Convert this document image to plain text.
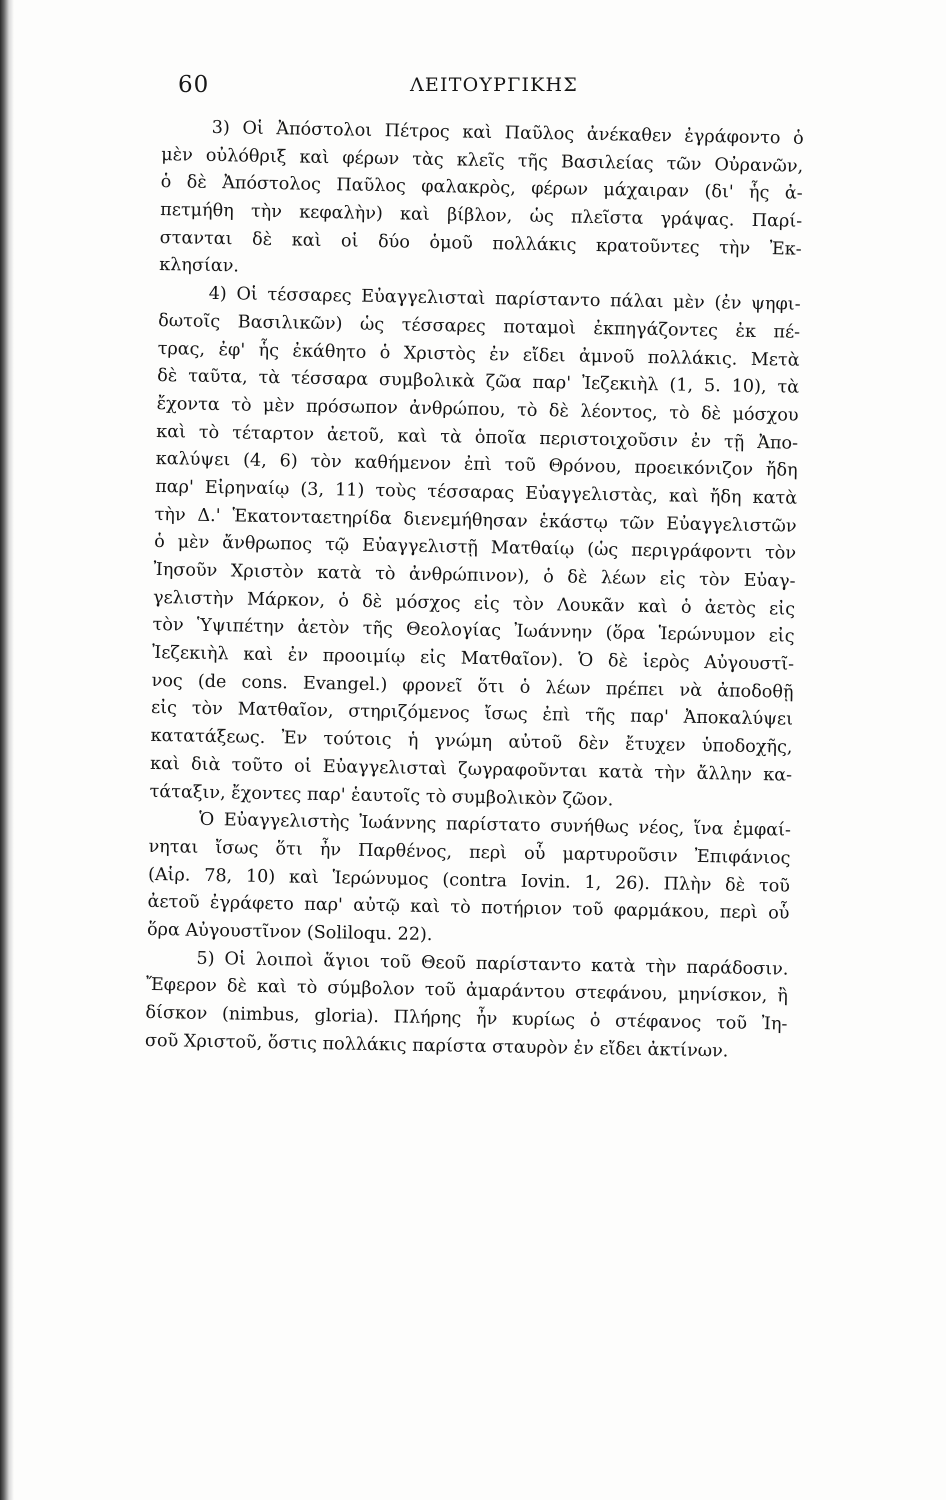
60	ΛΕΙΤΟΥΡΓΙΚΗΣ
3) Οἱ Ἀπόστολοι Πέτρος καὶ Παῦλος ἀνέκαθεν ἐγράφοντο ὁ
μὲν οὐλόθριξ καὶ φέρων τὰς κλεῖς τῆς Βασιλείας τῶν Οὐρανῶν,
ὁ δὲ Ἀπόστολος Παῦλος φαλακρὸς, φέρων μάχαιραν (δι' ἧς ἀ-
πετμήθη τὴν κεφαλὴν) καὶ βίβλον, ὡς πλεῖστα γράψας. Παρί-
στανται δὲ καὶ οἱ δύο ὁμοῦ πολλάκις κρατοῦντες τὴν Ἐκ-
κλησίαν.
4) Οἱ τέσσαρες Εὐαγγελισταὶ παρίσταντο πάλαι μὲν (ἐν ψηφι-
δωτοῖς Βασιλικῶν) ὡς τέσσαρες ποταμοὶ ἐκπηγάζοντες ἐκ πέ-
τρας, ἐφ' ἧς ἐκάθητο ὁ Χριστὸς ἐν εἴδει ἀμνοῦ πολλάκις. Μετὰ
δὲ ταῦτα, τὰ τέσσαρα συμβολικὰ ζῶα παρ' Ἰεζεκιὴλ (1, 5. 10), τὰ
ἔχοντα τὸ μὲν πρόσωπον ἀνθρώπου, τὸ δὲ λέοντος, τὸ δὲ μόσχου
καὶ τὸ τέταρτον ἀετοῦ, καὶ τὰ ὁποῖα περιστοιχοῦσιν ἐν τῇ Ἀπο-
καλύψει (4, 6) τὸν καθήμενον ἐπὶ τοῦ Θρόνου, προεικόνιζον ἤδη
παρ' Εἰρηναίῳ (3, 11) τοὺς τέσσαρας Εὐαγγελιστὰς, καὶ ἤδη κατὰ
τὴν Δ.' Ἑκατονταετηρίδα διενεμήθησαν ἑκάστῳ τῶν Εὐαγγελιστῶν
ὁ μὲν ἄνθρωπος τῷ Εὐαγγελιστῇ Ματθαίῳ (ὡς περιγράφοντι τὸν
Ἰησοῦν Χριστὸν κατὰ τὸ ἀνθρώπινον), ὁ δὲ λέων εἰς τὸν Εὐαγ-
γελιστὴν Μάρκον, ὁ δὲ μόσχος εἰς τὸν Λουκᾶν καὶ ὁ ἀετὸς εἰς
τὸν Ὑψιπέτην ἀετὸν τῆς Θεολογίας Ἰωάννην (ὅρα Ἱερώνυμον εἰς
Ἰεζεκιὴλ καὶ ἐν προοιμίῳ εἰς Ματθαῖον). Ὁ δὲ ἱερὸς Αὐγουστῖ-
νος (de cons. Evangel.) φρονεῖ ὅτι ὁ λέων πρέπει νὰ ἀποδοθῇ
εἰς τὸν Ματθαῖον, στηριζόμενος ἴσως ἐπὶ τῆς παρ' Ἀποκαλύψει
κατατάξεως. Ἐν τούτοις ἡ γνώμη αὐτοῦ δὲν ἔτυχεν ὑποδοχῆς,
καὶ διὰ τοῦτο οἱ Εὐαγγελισταὶ ζωγραφοῦνται κατὰ τὴν ἄλλην κα-
τάταξιν, ἔχοντες παρ' ἑαυτοῖς τὸ συμβολικὸν ζῶον.
Ὁ Εὐαγγελιστὴς Ἰωάννης παρίστατο συνήθως νέος, ἵνα ἐμφαί-
νηται ἴσως ὅτι ἦν Παρθένος, περὶ οὗ μαρτυροῦσιν Ἐπιφάνιος
(Αἱρ. 78, 10) καὶ Ἱερώνυμος (contra Iovin. 1, 26). Πλὴν δὲ τοῦ
ἀετοῦ ἐγράφετο παρ' αὐτῷ καὶ τὸ ποτήριον τοῦ φαρμάκου, περὶ οὗ
ὅρα Αὐγουστῖνον (Soliloqu. 22).
5) Οἱ λοιποὶ ἅγιοι τοῦ Θεοῦ παρίσταντο κατὰ τὴν παράδοσιν.
Ἔφερον δὲ καὶ τὸ σύμβολον τοῦ ἀμαράντου στεφάνου, μηνίσκον, ἢ
δίσκον (nimbus, gloria). Πλήρης ἦν κυρίως ὁ στέφανος τοῦ Ἰη-
σοῦ Χριστοῦ, ὅστις πολλάκις παρίστα σταυρὸν ἐν εἴδει ἀκτίνων.
